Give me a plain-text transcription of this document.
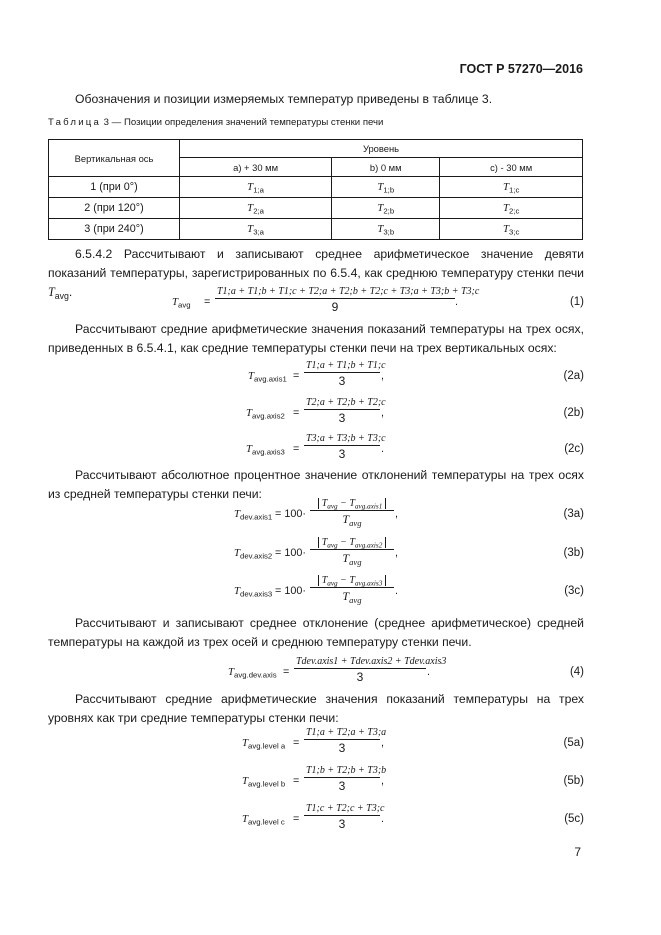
ГОСТ Р 57270—2016
Обозначения и позиции измеряемых температур приведены в таблице 3.
Таблица 3 — Позиции определения значений температуры стенки печи
Вертикальная ось	Уровень		
	a) + 30 мм	b) 0 мм	c) - 30 мм
1 (при 0°)	$T_{1;a}$	$T_{1;b}$	$T_{1;c}$
2 (при 120°)	$T_{2;a}$	$T_{2;b}$	$T_{2;c}$
3 (при 240°)	$T_{3;a}$	$T_{3;b}$	$T_{3;c}$
6.5.4.2 Рассчитывают и записывают среднее арифметическое значение девяти показаний температуры, зарегистрированных по 6.5.4, как среднюю температуру стенки печи $T_{avg}$.
$T_{avg}$ =
T1;a + T1;b + T1;c + T2;a + T2;b + T2;c + T3;a + T3;b + T3;c
9	.	(1)
Рассчитывают средние арифметические значения показаний температуры на трех осях, приведенных в 6.5.4.1, как средние температуры стенки печи на трех вертикальных осях:
$T_{avg.axis1}$ =
T1;a + T1;b + T1;c
3	,	(2a)
$T_{avg.axis2}$ =
T2;a + T2;b + T2;c
3	,	(2b)
$T_{avg.axis3}$ =
T3;a + T3;b + T3;c
3	.	(2c)
Рассчитывают абсолютное процентное значение отклонений температуры на трех осях из средней температуры стенки печи:
$T_{dev.axis1} = 100\cdot$
$T_{avg} - T_{avg.axis1}$
$T_{avg}$
,	(3a)
$T_{dev.axis2} = 100\cdot$
$T_{avg} - T_{avg.axis2}$
$T_{avg}$
,	(3b)
$T_{dev.axis3} = 100\cdot$
$T_{avg} - T_{avg.axis3}$
$T_{avg}$
.	(3c)
Рассчитывают и записывают среднее отклонение (среднее арифметическое) средней температуры на каждой из трех осей и среднюю температуру стенки печи.
$T_{avg.dev.axis}$ =
Tdev.axis1 + Tdev.axis2 + Tdev.axis3
3	.	(4)
Рассчитывают средние арифметические значения показаний температуры на трех уровнях как три средние температуры стенки печи:
$T_{avg.level a}$ =
T1;a + T2;a + T3;a
3	,	(5a)
$T_{avg.level b}$ =
T1;b + T2;b + T3;b
3	,	(5b)
$T_{avg.level c}$ =
T1;c + T2;c + T3;c
3	.	(5c)
7
